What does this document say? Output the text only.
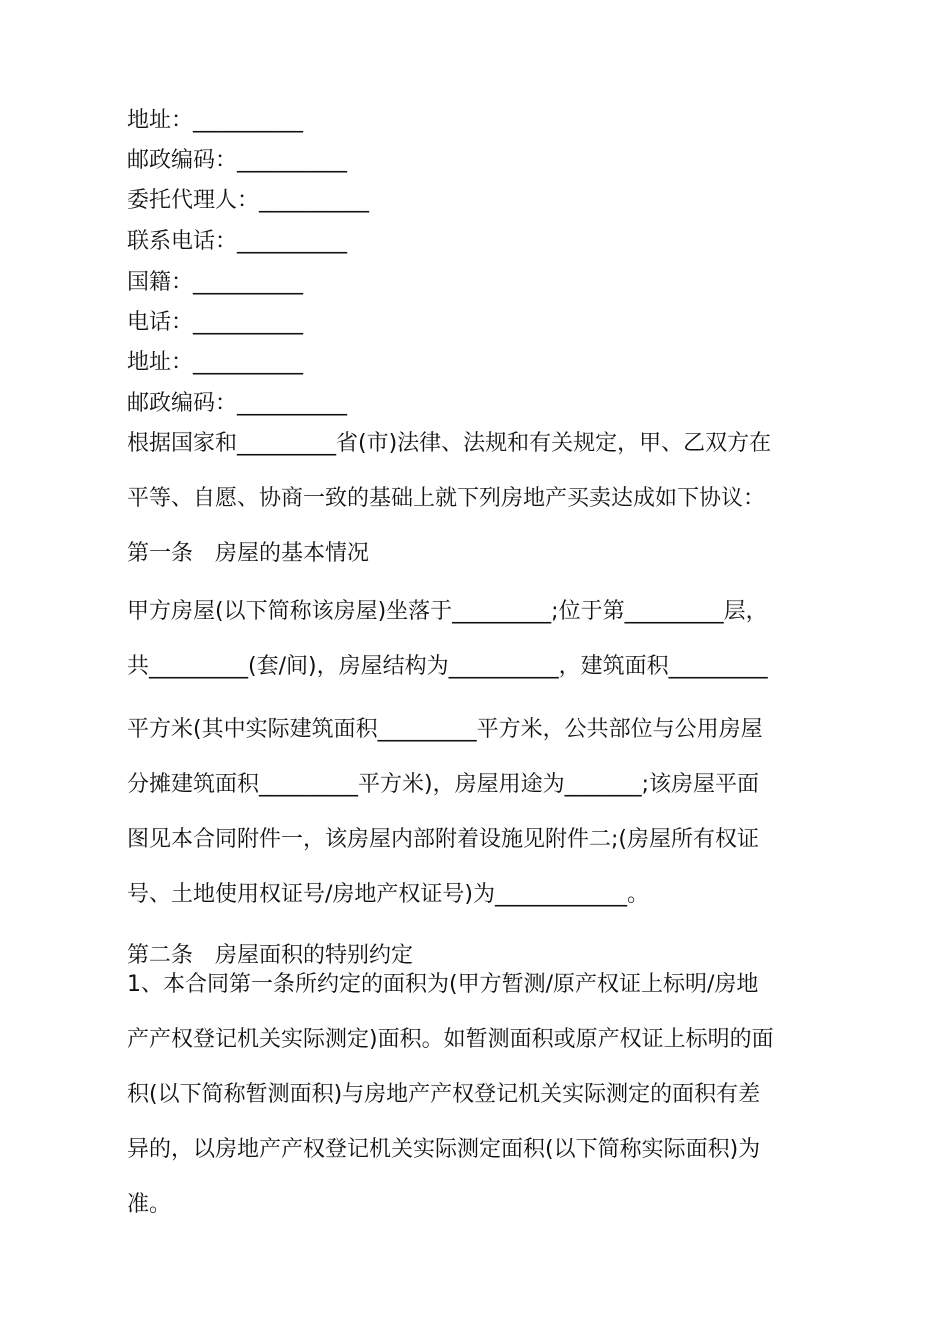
地址：__________
邮政编码：__________
委托代理人：__________
联系电话：__________
国籍：__________
电话：__________
地址：__________
邮政编码：__________
根据国家和_________省(市)法律、法规和有关规定，甲、乙双方在
平等、自愿、协商一致的基础上就下列房地产买卖达成如下协议：
第一条　房屋的基本情况
甲方房屋(以下简称该房屋)坐落于_________;位于第_________层，
共_________(套/间)，房屋结构为__________，建筑面积_________
平方米(其中实际建筑面积_________平方米，公共部位与公用房屋
分摊建筑面积_________平方米)，房屋用途为_______;该房屋平面
图见本合同附件一，该房屋内部附着设施见附件二;(房屋所有权证
号、土地使用权证号/房地产权证号)为____________。
第二条　房屋面积的特别约定
1、本合同第一条所约定的面积为(甲方暂测/原产权证上标明/房地
产产权登记机关实际测定)面积。如暂测面积或原产权证上标明的面
积(以下简称暂测面积)与房地产产权登记机关实际测定的面积有差
异的，以房地产产权登记机关实际测定面积(以下简称实际面积)为
准。
